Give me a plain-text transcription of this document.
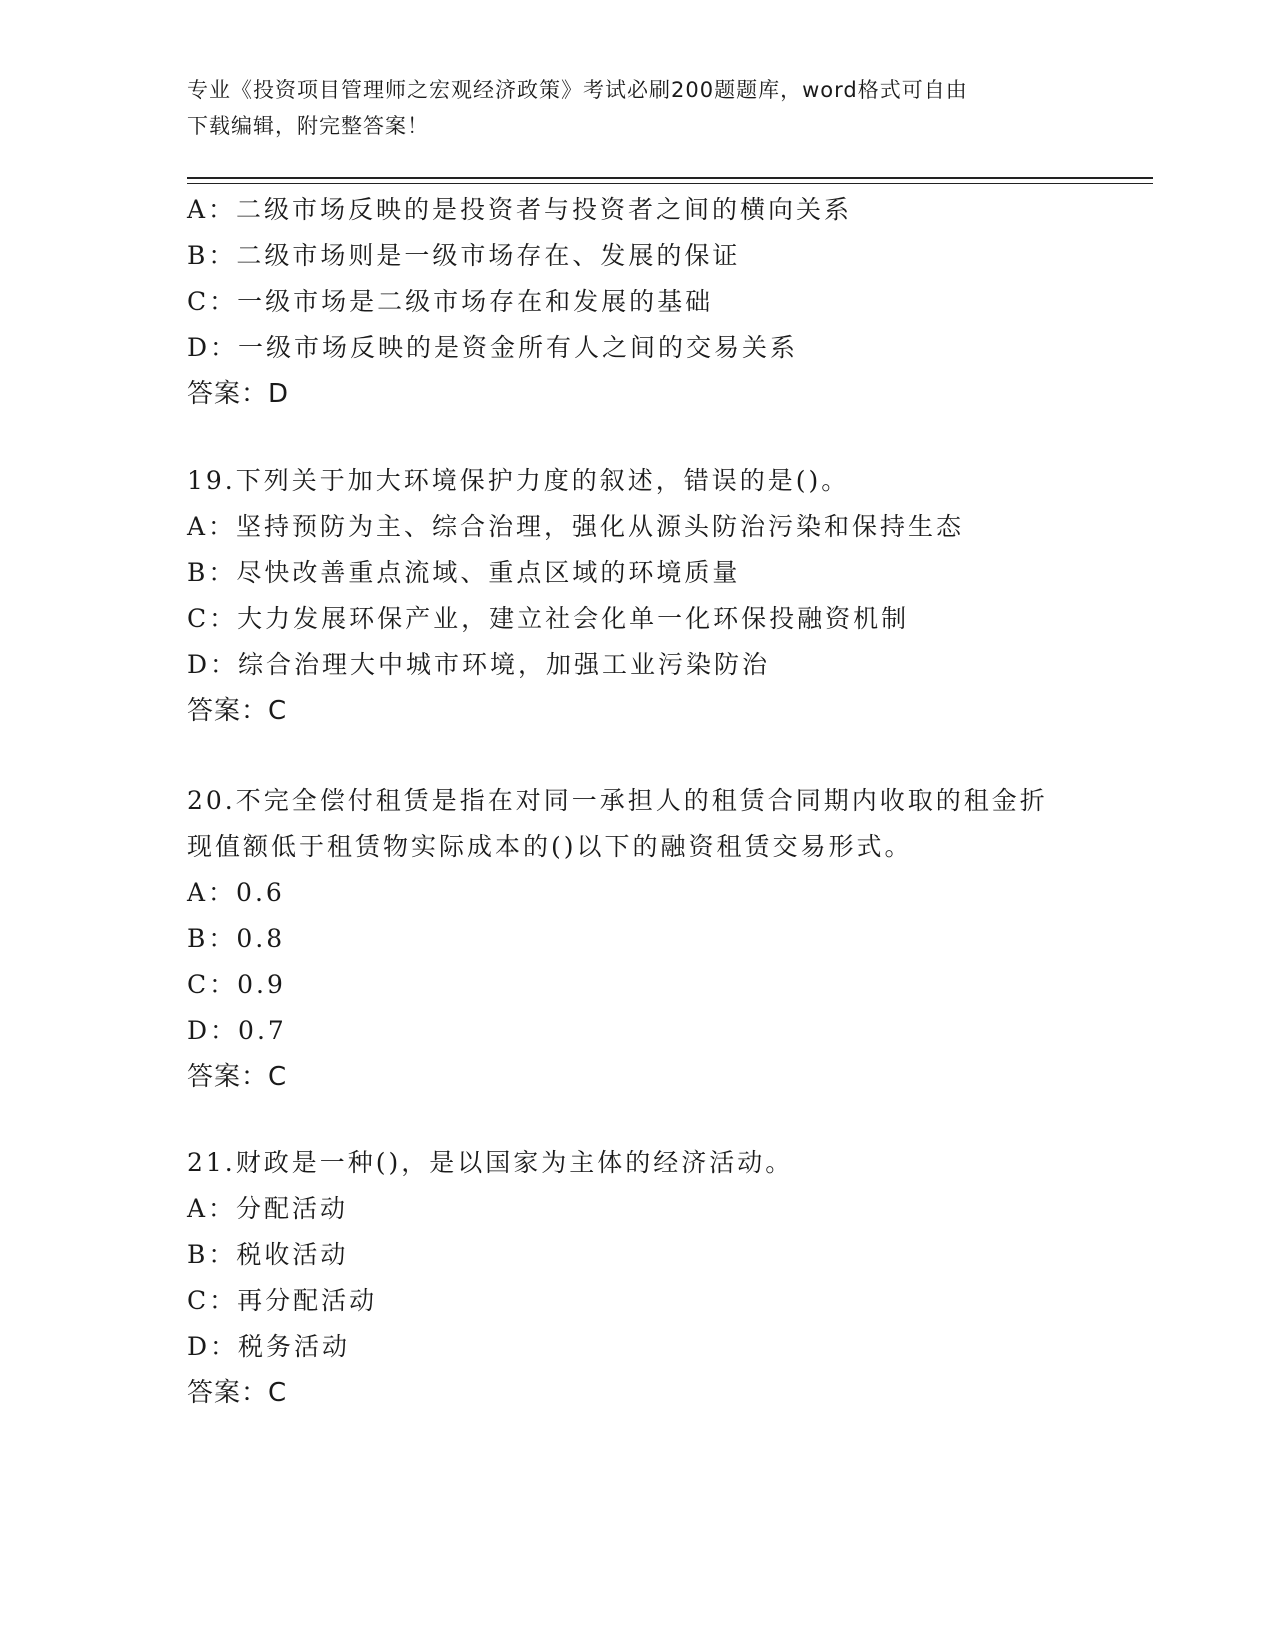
专业《投资项目管理师之宏观经济政策》考试必刷200题题库，word格式可自由
下载编辑，附完整答案！
A：二级市场反映的是投资者与投资者之间的横向关系
B：二级市场则是一级市场存在、发展的保证
C：一级市场是二级市场存在和发展的基础
D：一级市场反映的是资金所有人之间的交易关系
答案：D
19.下列关于加大环境保护力度的叙述，错误的是()。
A：坚持预防为主、综合治理，强化从源头防治污染和保持生态
B：尽快改善重点流域、重点区域的环境质量
C：大力发展环保产业，建立社会化单一化环保投融资机制
D：综合治理大中城市环境，加强工业污染防治
答案：C
20.不完全偿付租赁是指在对同一承担人的租赁合同期内收取的租金折
现值额低于租赁物实际成本的()以下的融资租赁交易形式。
A：0.6
B：0.8
C：0.9
D：0.7
答案：C
21.财政是一种()，是以国家为主体的经济活动。
A：分配活动
B：税收活动
C：再分配活动
D：税务活动
答案：C
